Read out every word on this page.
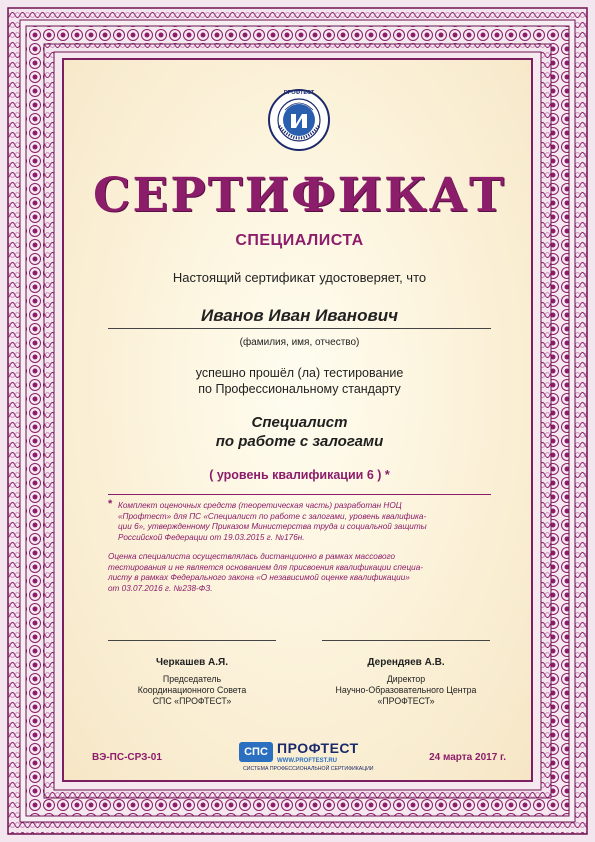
ПРОФТЕСТ
СЕРТИФИКАТ
СПЕЦИАЛИСТА
Настоящий сертификат удостоверяет, что
Иванов Иван Иванович
(фамилия, имя, отчество)
успешно прошёл (ла) тестирование
по Профессиональному стандарту
Специалист
по работе с залогами
( уровень квалификации 6 ) *
* Комплект оценочных средств (теоретическая часть) разработан НОЦ
«Профтест» для ПС «Специалист по работе с залогами, уровень квалифика-
ции 6», утвержденному Приказом Министерства труда и социальной защиты
Российской Федерации от 19.03.2015 г. №176н.
Оценка специалиста осуществлялась дистанционно в рамках массового
тестирования и не является основанием для присвоения квалификации специа-
листу в рамках Федерального закона «О независимой оценке квалификации»
от 03.07.2016 г. №238-ФЗ.
Черкашев А.Я.
Председатель
Координационного Совета
СПС «ПРОФТЕСТ»
Дерендяев А.В.
Директор
Научно-Образовательного Центра
«ПРОФТЕСТ»
ВЭ-ПС-СРЗ-01	СПС ПРОФТЕСТ
WWW.PROFTEST.RU
СИСТЕМА ПРОФЕССИОНАЛЬНОЙ СЕРТИФИКАЦИИ
24 марта 2017 г.
